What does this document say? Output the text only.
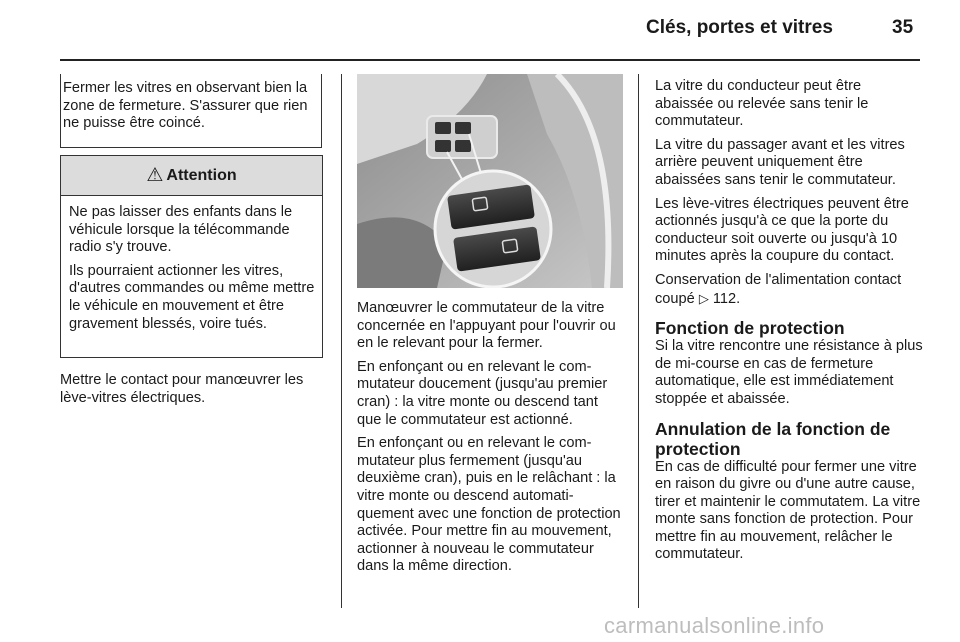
Clés, portes et vitres	35

Fermer les vitres en observant bien la zone de fermeture. S'assurer que rien ne puisse être coincé.

⚠ Attention

Ne pas laisser des enfants dans le véhicule lorsque la télécommande radio s'y trouve.

Ils pourraient actionner les vitres, d'autres commandes ou même mettre le véhicule en mouvement et être gravement blessés, voire tués.

Mettre le contact pour manœuvrer les lève-vitres électriques.

Manœuvrer le commutateur de la vitre concernée en l'appuyant pour l'ouvrir ou en le relevant pour la fermer.

En enfonçant ou en relevant le commutateur doucement (jusqu'au premier cran) : la vitre monte ou descend tant que le commutateur est actionné.

En enfonçant ou en relevant le commutateur plus fermement (jusqu'au deuxième cran), puis en le relâchant : la vitre monte ou descend automatiquement avec une fonction de protection activée. Pour mettre fin au mouvement, actionner à nouveau le commutateur dans la même direction.

La vitre du conducteur peut être abaissée ou relevée sans tenir le commutateur.

La vitre du passager avant et les vitres arrière peuvent uniquement être abaissées sans tenir le commutateur.

Les lève-vitres électriques peuvent être actionnés jusqu'à ce que la porte du conducteur soit ouverte ou jusqu'à 10 minutes après la coupure du contact.

Conservation de l'alimentation contact coupé ▷ 112.

Fonction de protection

Si la vitre rencontre une résistance à plus de mi-course en cas de fermeture automatique, elle est immédiatement stoppée et abaissée.

Annulation de la fonction de protection

En cas de difficulté pour fermer une vitre en raison du givre ou d'une autre cause, tirer et maintenir le commutatem. La vitre monte sans fonction de protection. Pour mettre fin au mouvement, relâcher le commutateur.

carmanualsonline.info
